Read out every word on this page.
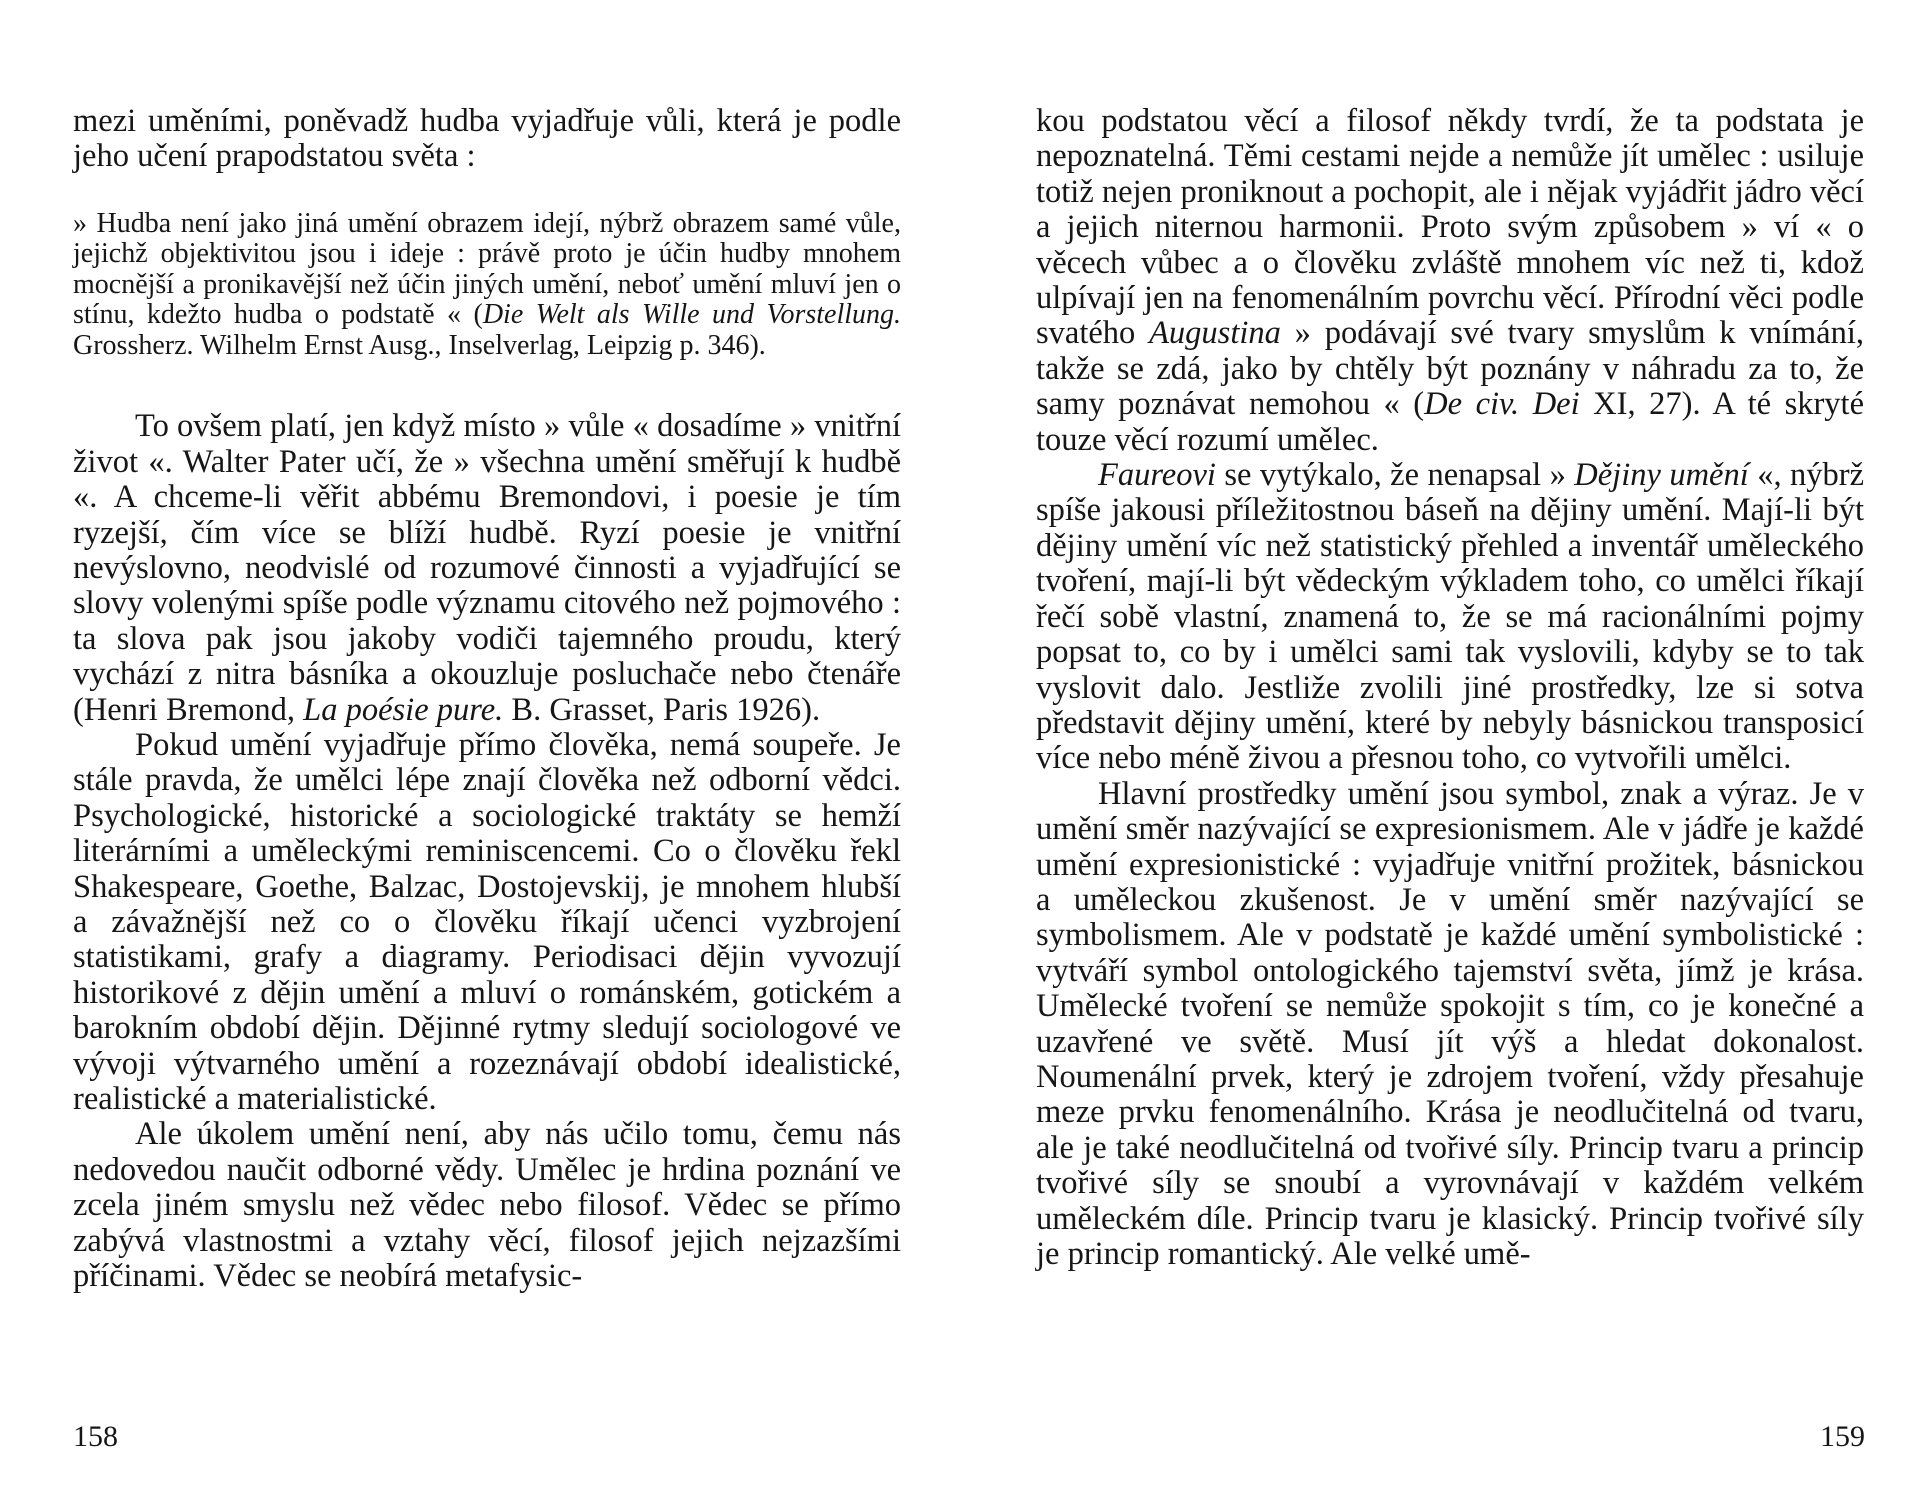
mezi uměními, poněvadž hudba vyjadřuje vůli, která je podle jeho učení prapodstatou světa :

» Hudba není jako jiná umění obrazem idejí, nýbrž obrazem samé vůle, jejichž objektivitou jsou i ideje : právě proto je účin hudby mnohem mocnější a pronikavější než účin jiných umění, neboť umění mluví jen o stínu, kdežto hudba o podstatě « (Die Welt als Wille und Vorstellung. Grossherz. Wilhelm Ernst Ausg., Inselverlag, Leipzig p. 346).

To ovšem platí, jen když místo » vůle « dosadíme » vnitřní život «. Walter Pater učí, že » všechna umění směřují k hudbě «. A chceme-li věřit abbému Bremondovi, i poesie je tím ryzejší, čím více se blíží hudbě. Ryzí poesie je vnitřní nevýslovno, neodvislé od rozumové činnosti a vyjadřující se slovy volenými spíše podle významu citového než pojmového : ta slova pak jsou jakoby vodiči tajemného proudu, který vychází z nitra básníka a okouzluje posluchače nebo čtenáře (Henri Bremond, La poésie pure. B. Grasset, Paris 1926).

Pokud umění vyjadřuje přímo člověka, nemá soupeře. Je stále pravda, že umělci lépe znají člověka než odborní vědci. Psychologické, historické a sociologické traktáty se hemží literárními a uměleckými reminiscencemi. Co o člověku řekl Shakespeare, Goethe, Balzac, Dostojevskij, je mnohem hlubší a závažnější než co o člověku říkají učenci vyzbrojení statistikami, grafy a diagramy. Periodisaci dějin vyvozují historikové z dějin umění a mluví o románském, gotickém a barokním období dějin. Dějinné rytmy sledují sociologové ve vývoji výtvarného umění a rozeznávají období idealistické, realistické a materialistické.

Ale úkolem umění není, aby nás učilo tomu, čemu nás nedovedou naučit odborné vědy. Umělec je hrdina poznání ve zcela jiném smyslu než vědec nebo filosof. Vědec se přímo zabývá vlastnostmi a vztahy věcí, filosof jejich nejzazšími příčinami. Vědec se neobírá metafysic-

158

kou podstatou věcí a filosof někdy tvrdí, že ta podstata je nepoznatelná. Těmi cestami nejde a nemůže jít umělec : usiluje totiž nejen proniknout a pochopit, ale i nějak vyjádřit jádro věcí a jejich niternou harmonii. Proto svým způsobem » ví « o věcech vůbec a o člověku zvláště mnohem víc než ti, kdož ulpívají jen na fenomenálním povrchu věcí. Přírodní věci podle svatého Augustina » podávají své tvary smyslům k vnímání, takže se zdá, jako by chtěly být poznány v náhradu za to, že samy poznávat nemohou « (De civ. Dei XI, 27). A té skryté touze věcí rozumí umělec.

Faureovi se vytýkalo, že nenapsal » Dějiny umění «, nýbrž spíše jakousi příležitostnou báseň na dějiny umění. Mají-li být dějiny umění víc než statistický přehled a inventář uměleckého tvoření, mají-li být vědeckým výkladem toho, co umělci říkají řečí sobě vlastní, znamená to, že se má racionálními pojmy popsat to, co by i umělci sami tak vyslovili, kdyby se to tak vyslovit dalo. Jestliže zvolili jiné prostředky, lze si sotva představit dějiny umění, které by nebyly básnickou transposicí více nebo méně živou a přesnou toho, co vytvořili umělci.

Hlavní prostředky umění jsou symbol, znak a výraz. Je v umění směr nazývající se expresionismem. Ale v jádře je každé umění expresionistické : vyjadřuje vnitřní prožitek, básnickou a uměleckou zkušenost. Je v umění směr nazývající se symbolismem. Ale v podstatě je každé umění symbolistické : vytváří symbol ontologického tajemství světa, jímž je krása. Umělecké tvoření se nemůže spokojit s tím, co je konečné a uzavřené ve světě. Musí jít výš a hledat dokonalost. Noumenální prvek, který je zdrojem tvoření, vždy přesahuje meze prvku fenomenálního. Krása je neodlučitelná od tvaru, ale je také neodlučitelná od tvořivé síly. Princip tvaru a princip tvořivé síly se snoubí a vyrovnávají v každém velkém uměleckém díle. Princip tvaru je klasický. Princip tvořivé síly je princip romantický. Ale velké umě-

159
